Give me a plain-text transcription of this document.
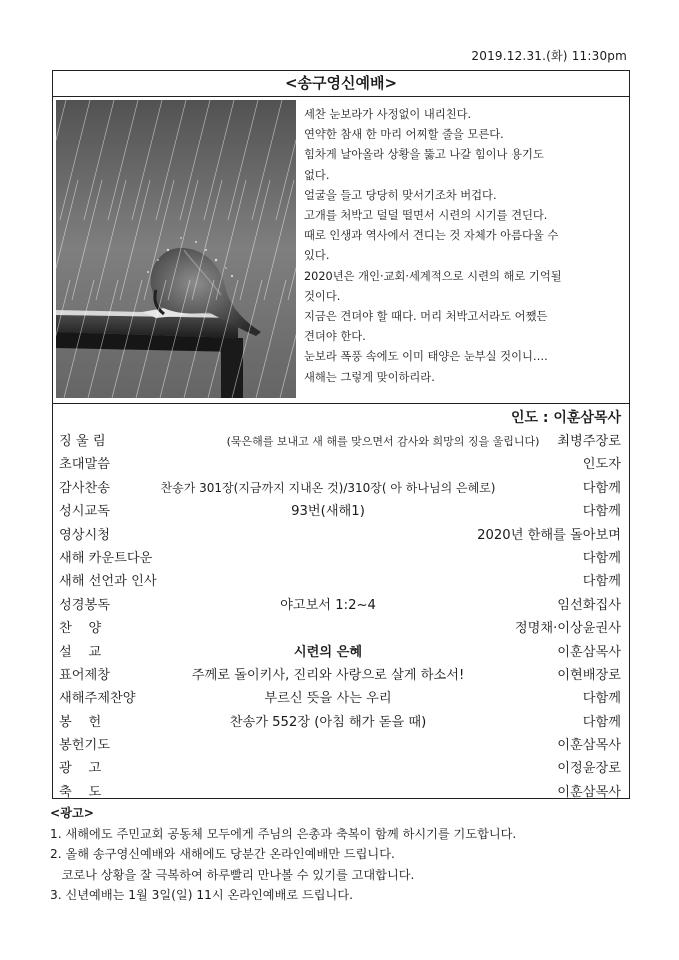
2019.12.31.(화) 11:30pm
<송구영신예배>
세찬 눈보라가 사정없이 내리친다.
연약한 참새 한 마리 어찌할 줄을 모른다.
힘차게 날아올라 상황을 뚫고 나갈 힘이나 용기도
없다.
얼굴을 들고 당당히 맞서기조차 버겁다.
고개를 처박고 덜덜 떨면서 시련의 시기를 견딘다.
때로 인생과 역사에서 견디는 것 자체가 아름다울 수
있다.
2020년은 개인·교회·세계적으로 시련의 해로 기억될
것이다.
지금은 견뎌야 할 때다. 머리 처박고서라도 어쨌든
견뎌야 한다.
눈보라 폭풍 속에도 이미 태양은 눈부실 것이니….
새해는 그렇게 맞이하리라.
인도 : 이훈삼목사
징 울 림	(묵은해를 보내고 새 해를 맞으면서 감사와 희망의 징을 울립니다) 최병주장로
초대말씀	인도자
감사찬송	찬송가 301장(지금까지 지내온 것)/310장( 아 하나님의 은혜로)	다함께
성시교독	93번(새해1)	다함께
영상시청	2020년 한해를 돌아보며
새해 카운트다운	다함께
새해 선언과 인사	다함께
성경봉독	야고보서 1:2~4	임선화집사
찬    양	정명채·이상윤권사
설    교	시련의 은혜	이훈삼목사
표어제창	주께로 돌이키사, 진리와 사랑으로 살게 하소서!	이현배장로
새해주제찬양	부르신 뜻을 사는 우리	다함께
봉    헌	찬송가 552장 (아침 해가 돋을 때)	다함께
봉헌기도	이훈삼목사
광    고	이정윤장로
축    도	이훈삼목사
<광고>
1. 새해에도 주민교회 공동체 모두에게 주님의 은총과 축복이 함께 하시기를 기도합니다.
2. 올해 송구영신예배와 새해에도 당분간 온라인예배만 드립니다.
코로나 상황을 잘 극복하여 하루빨리 만나볼 수 있기를 고대합니다.
3. 신년예배는 1월 3일(일) 11시 온라인예배로 드립니다.
